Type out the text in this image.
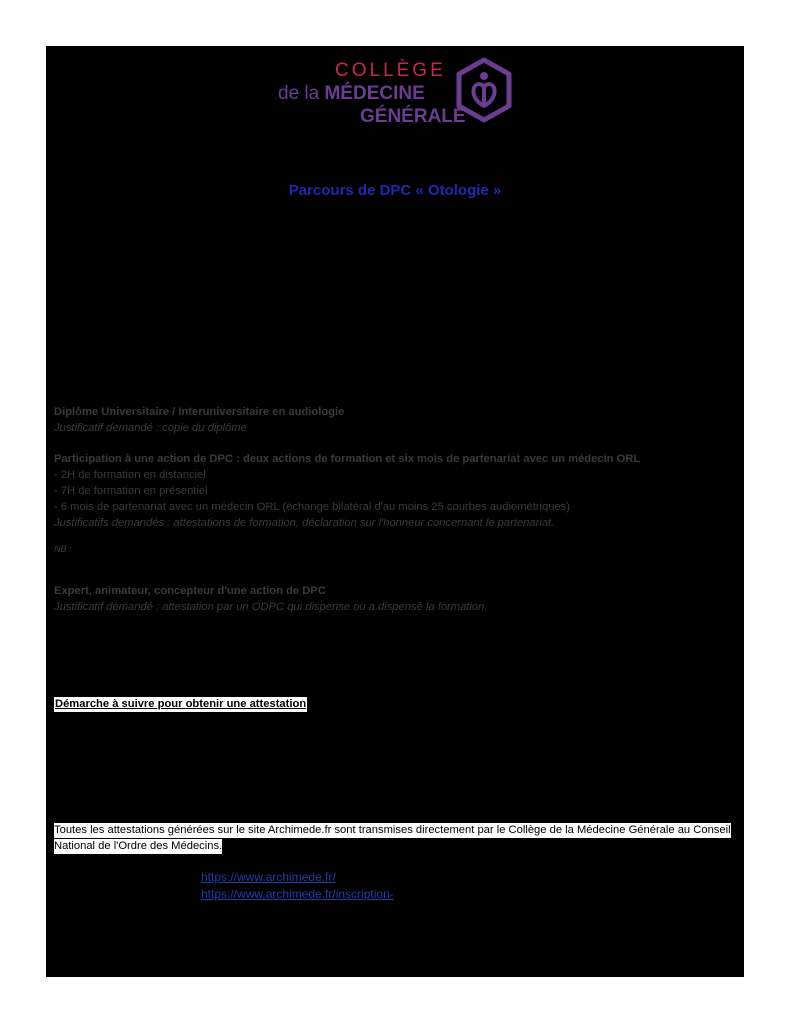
COLLÈGE
de la MÉDECINE
GÉNÉRALE
Parcours de DPC « Otologie »
Diplôme Universitaire / Interuniversitaire en audiologie
Justificatif demandé : copie du diplôme
Participation à une action de DPC : deux actions de formation et six mois de partenariat avec un médecin ORL
- 2H de formation en distanciel
- 7H de formation en présentiel
- 6 mois de partenariat avec un médecin ORL (échange bilatéral d'au moins 25 courbes audiométriques)
Justificatifs demandés : attestations de formation, déclaration sur l'honneur concernant le partenariat.
NB :
Expert, animateur, concepteur d'une action de DPC
Justificatif demandé : attestation par un ODPC qui dispense ou a dispensé la formation.
Démarche à suivre pour obtenir une attestation
Toutes les attestations générées sur le site Archimede.fr sont transmises directement par le Collège de la Médecine Générale au Conseil
National de l'Ordre des Médecins.
https://www.archimede.fr/
https://www.archimede.fr/inscription-
